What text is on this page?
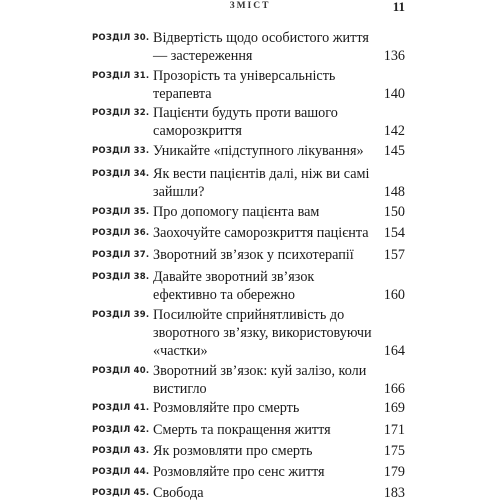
ЗМІСТ	11
РОЗДІЛ 30. Відвертість щодо особистого життя — застереження	136
РОЗДІЛ 31. Прозорість та універсальність терапевта	140
РОЗДІЛ 32. Пацієнти будуть проти вашого саморозкриття	142
РОЗДІЛ 33. Уникайте «підступного лікування»	145
РОЗДІЛ 34. Як вести пацієнтів далі, ніж ви самі зайшли?	148
РОЗДІЛ 35. Про допомогу пацієнта вам	150
РОЗДІЛ 36. Заохочуйте саморозкриття пацієнта	154
РОЗДІЛ 37. Зворотний зв’язок у психотерапії	157
РОЗДІЛ 38. Давайте зворотний зв’язок ефективно та обережно	160
РОЗДІЛ 39. Посилюйте сприйнятливість до зворотного зв’язку, використовуючи «частки»	164
РОЗДІЛ 40. Зворотний зв’язок: куй залізо, коли вистигло	166
РОЗДІЛ 41. Розмовляйте про смерть	169
РОЗДІЛ 42. Смерть та покращення життя	171
РОЗДІЛ 43. Як розмовляти про смерть	175
РОЗДІЛ 44. Розмовляйте про сенс життя	179
РОЗДІЛ 45. Свобода	183
